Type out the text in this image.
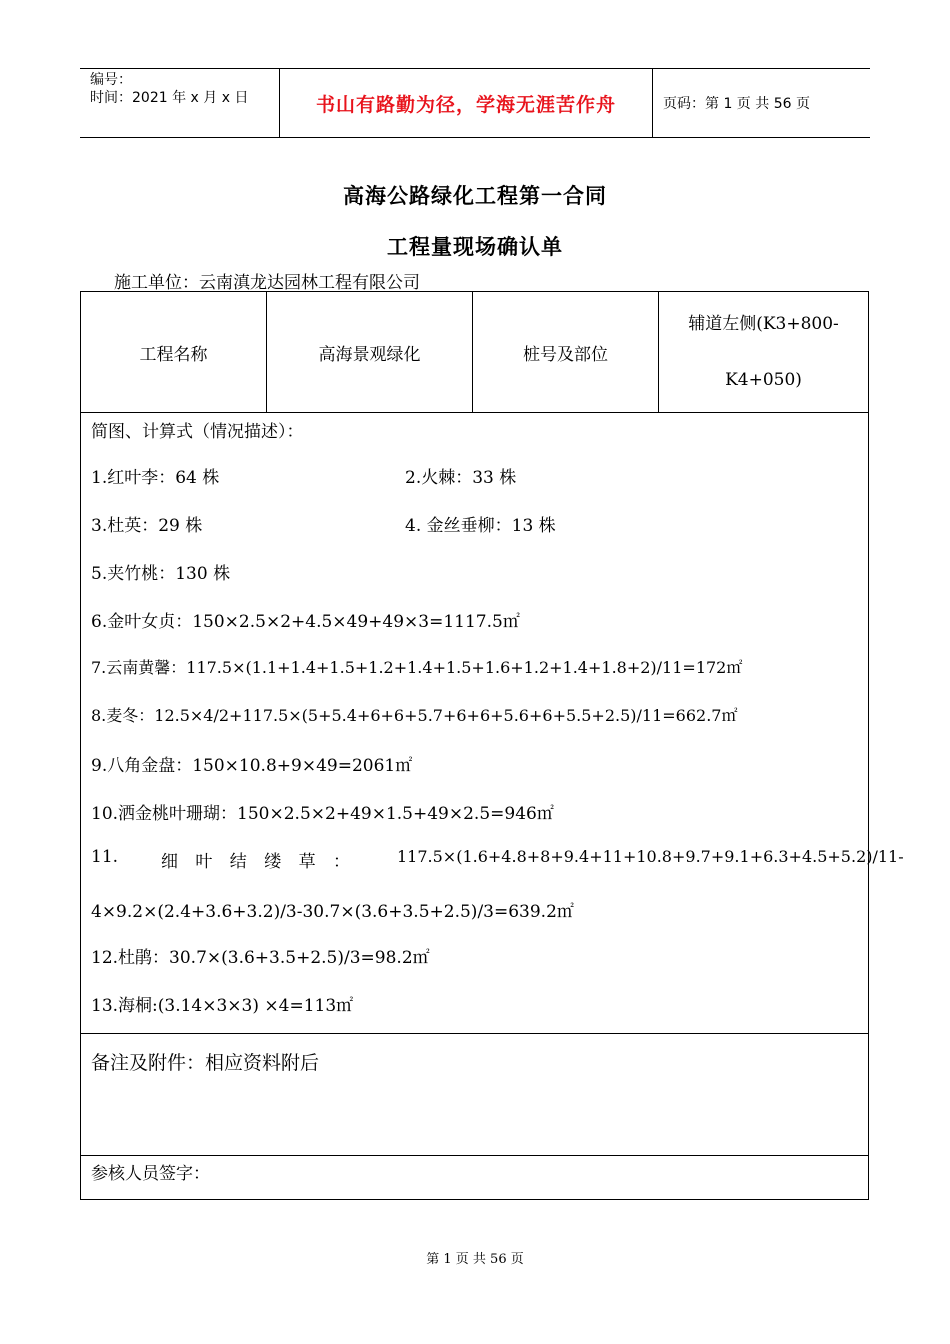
编号：
时间：2021 年 x 月 x 日	书山有路勤为径，学海无涯苦作舟	页码：第 1 页 共 56 页
高海公路绿化工程第一合同
工程量现场确认单
施工单位：云南滇龙达园林工程有限公司
工程名称	高海景观绿化	桩号及部位
辅道左侧(K3+800-
K4+050)
简图、计算式（情况描述）：
1.红叶李：64 株	2.火棘：33 株
3.杜英：29 株	4. 金丝垂柳：13 株
5.夹竹桃：130 株
6.金叶女贞：150×2.5×2+4.5×49+49×3=1117.5㎡
7.云南黄馨：117.5×(1.1+1.4+1.5+1.2+1.4+1.5+1.6+1.2+1.4+1.8+2)/11=172㎡
8.麦冬：12.5×4/2+117.5×(5+5.4+6+6+5.7+6+6+5.6+6+5.5+2.5)/11=662.7㎡
9.八角金盘：150×10.8+9×49=2061㎡
10.洒金桃叶珊瑚：150×2.5×2+49×1.5+49×2.5=946㎡
11.	细 叶 结 缕 草 ：	117.5×(1.6+4.8+8+9.4+11+10.8+9.7+9.1+6.3+4.5+5.2)/11-
4×9.2×(2.4+3.6+3.2)/3-30.7×(3.6+3.5+2.5)/3=639.2㎡
12.杜鹃：30.7×(3.6+3.5+2.5)/3=98.2㎡
13.海桐:(3.14×3×3) ×4=113㎡
备注及附件：相应资料附后
参核人员签字：
第 1 页 共 56 页
